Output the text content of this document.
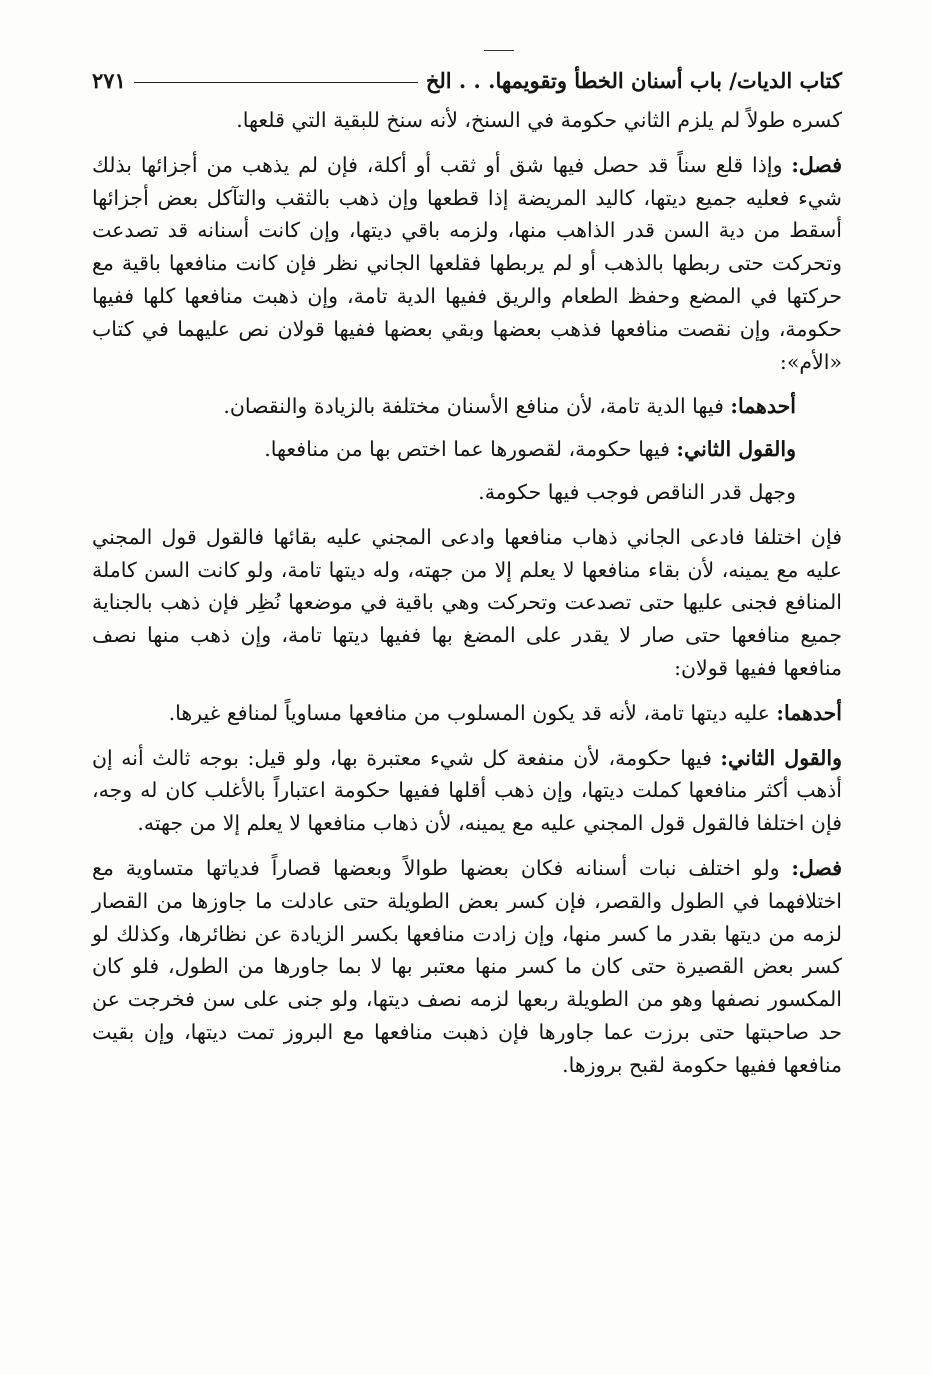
كتاب الديات/ باب أسنان الخطأ وتقويمها. . . الخ
٢٧١

كسره طولاً لم يلزم الثاني حكومة في السنخ، لأنه سنخ للبقية التي قلعها.

فصل: وإذا قلع سناً قد حصل فيها شق أو ثقب أو أكلة، فإن لم يذهب من أجزائها بذلك شيء فعليه جميع ديتها، كاليد المريضة إذا قطعها وإن ذهب بالثقب والتآكل بعض أجزائها أسقط من دية السن قدر الذاهب منها، ولزمه باقي ديتها، وإن كانت أسنانه قد تصدعت وتحركت حتى ربطها بالذهب أو لم يربطها فقلعها الجاني نظر فإن كانت منافعها باقية مع حركتها في المضع وحفظ الطعام والريق ففيها الدية تامة، وإن ذهبت منافعها كلها ففيها حكومة، وإن نقصت منافعها فذهب بعضها وبقي بعضها ففيها قولان نص عليهما في كتاب «الأم»:

أحدهما: فيها الدية تامة، لأن منافع الأسنان مختلفة بالزيادة والنقصان.

والقول الثاني: فيها حكومة، لقصورها عما اختص بها من منافعها.

وجهل قدر الناقص فوجب فيها حكومة.

فإن اختلفا فادعى الجاني ذهاب منافعها وادعى المجني عليه بقائها فالقول قول المجني عليه مع يمينه، لأن بقاء منافعها لا يعلم إلا من جهته، وله ديتها تامة، ولو كانت السن كاملة المنافع فجنى عليها حتى تصدعت وتحركت وهي باقية في موضعها نُظِر فإن ذهب بالجناية جميع منافعها حتى صار لا يقدر على المضغ بها ففيها ديتها تامة، وإن ذهب منها نصف منافعها ففيها قولان:

أحدهما: عليه ديتها تامة، لأنه قد يكون المسلوب من منافعها مساوياً لمنافع غيرها.

والقول الثاني: فيها حكومة، لأن منفعة كل شيء معتبرة بها، ولو قيل: بوجه ثالث أنه إن أذهب أكثر منافعها كملت ديتها، وإن ذهب أقلها ففيها حكومة اعتباراً بالأغلب كان له وجه، فإن اختلفا فالقول قول المجني عليه مع يمينه، لأن ذهاب منافعها لا يعلم إلا من جهته.

فصل: ولو اختلف نبات أسنانه فكان بعضها طوالاً وبعضها قصاراً فدياتها متساوية مع اختلافهما في الطول والقصر، فإن كسر بعض الطويلة حتى عادلت ما جاوزها من القصار لزمه من ديتها بقدر ما كسر منها، وإن زادت منافعها بكسر الزيادة عن نظائرها، وكذلك لو كسر بعض القصيرة حتى كان ما كسر منها معتبر بها لا بما جاورها من الطول، فلو كان المكسور نصفها وهو من الطويلة ربعها لزمه نصف ديتها، ولو جنى على سن فخرجت عن حد صاحبتها حتى برزت عما جاورها فإن ذهبت منافعها مع البروز تمت ديتها، وإن بقيت منافعها ففيها حكومة لقبح بروزها.
